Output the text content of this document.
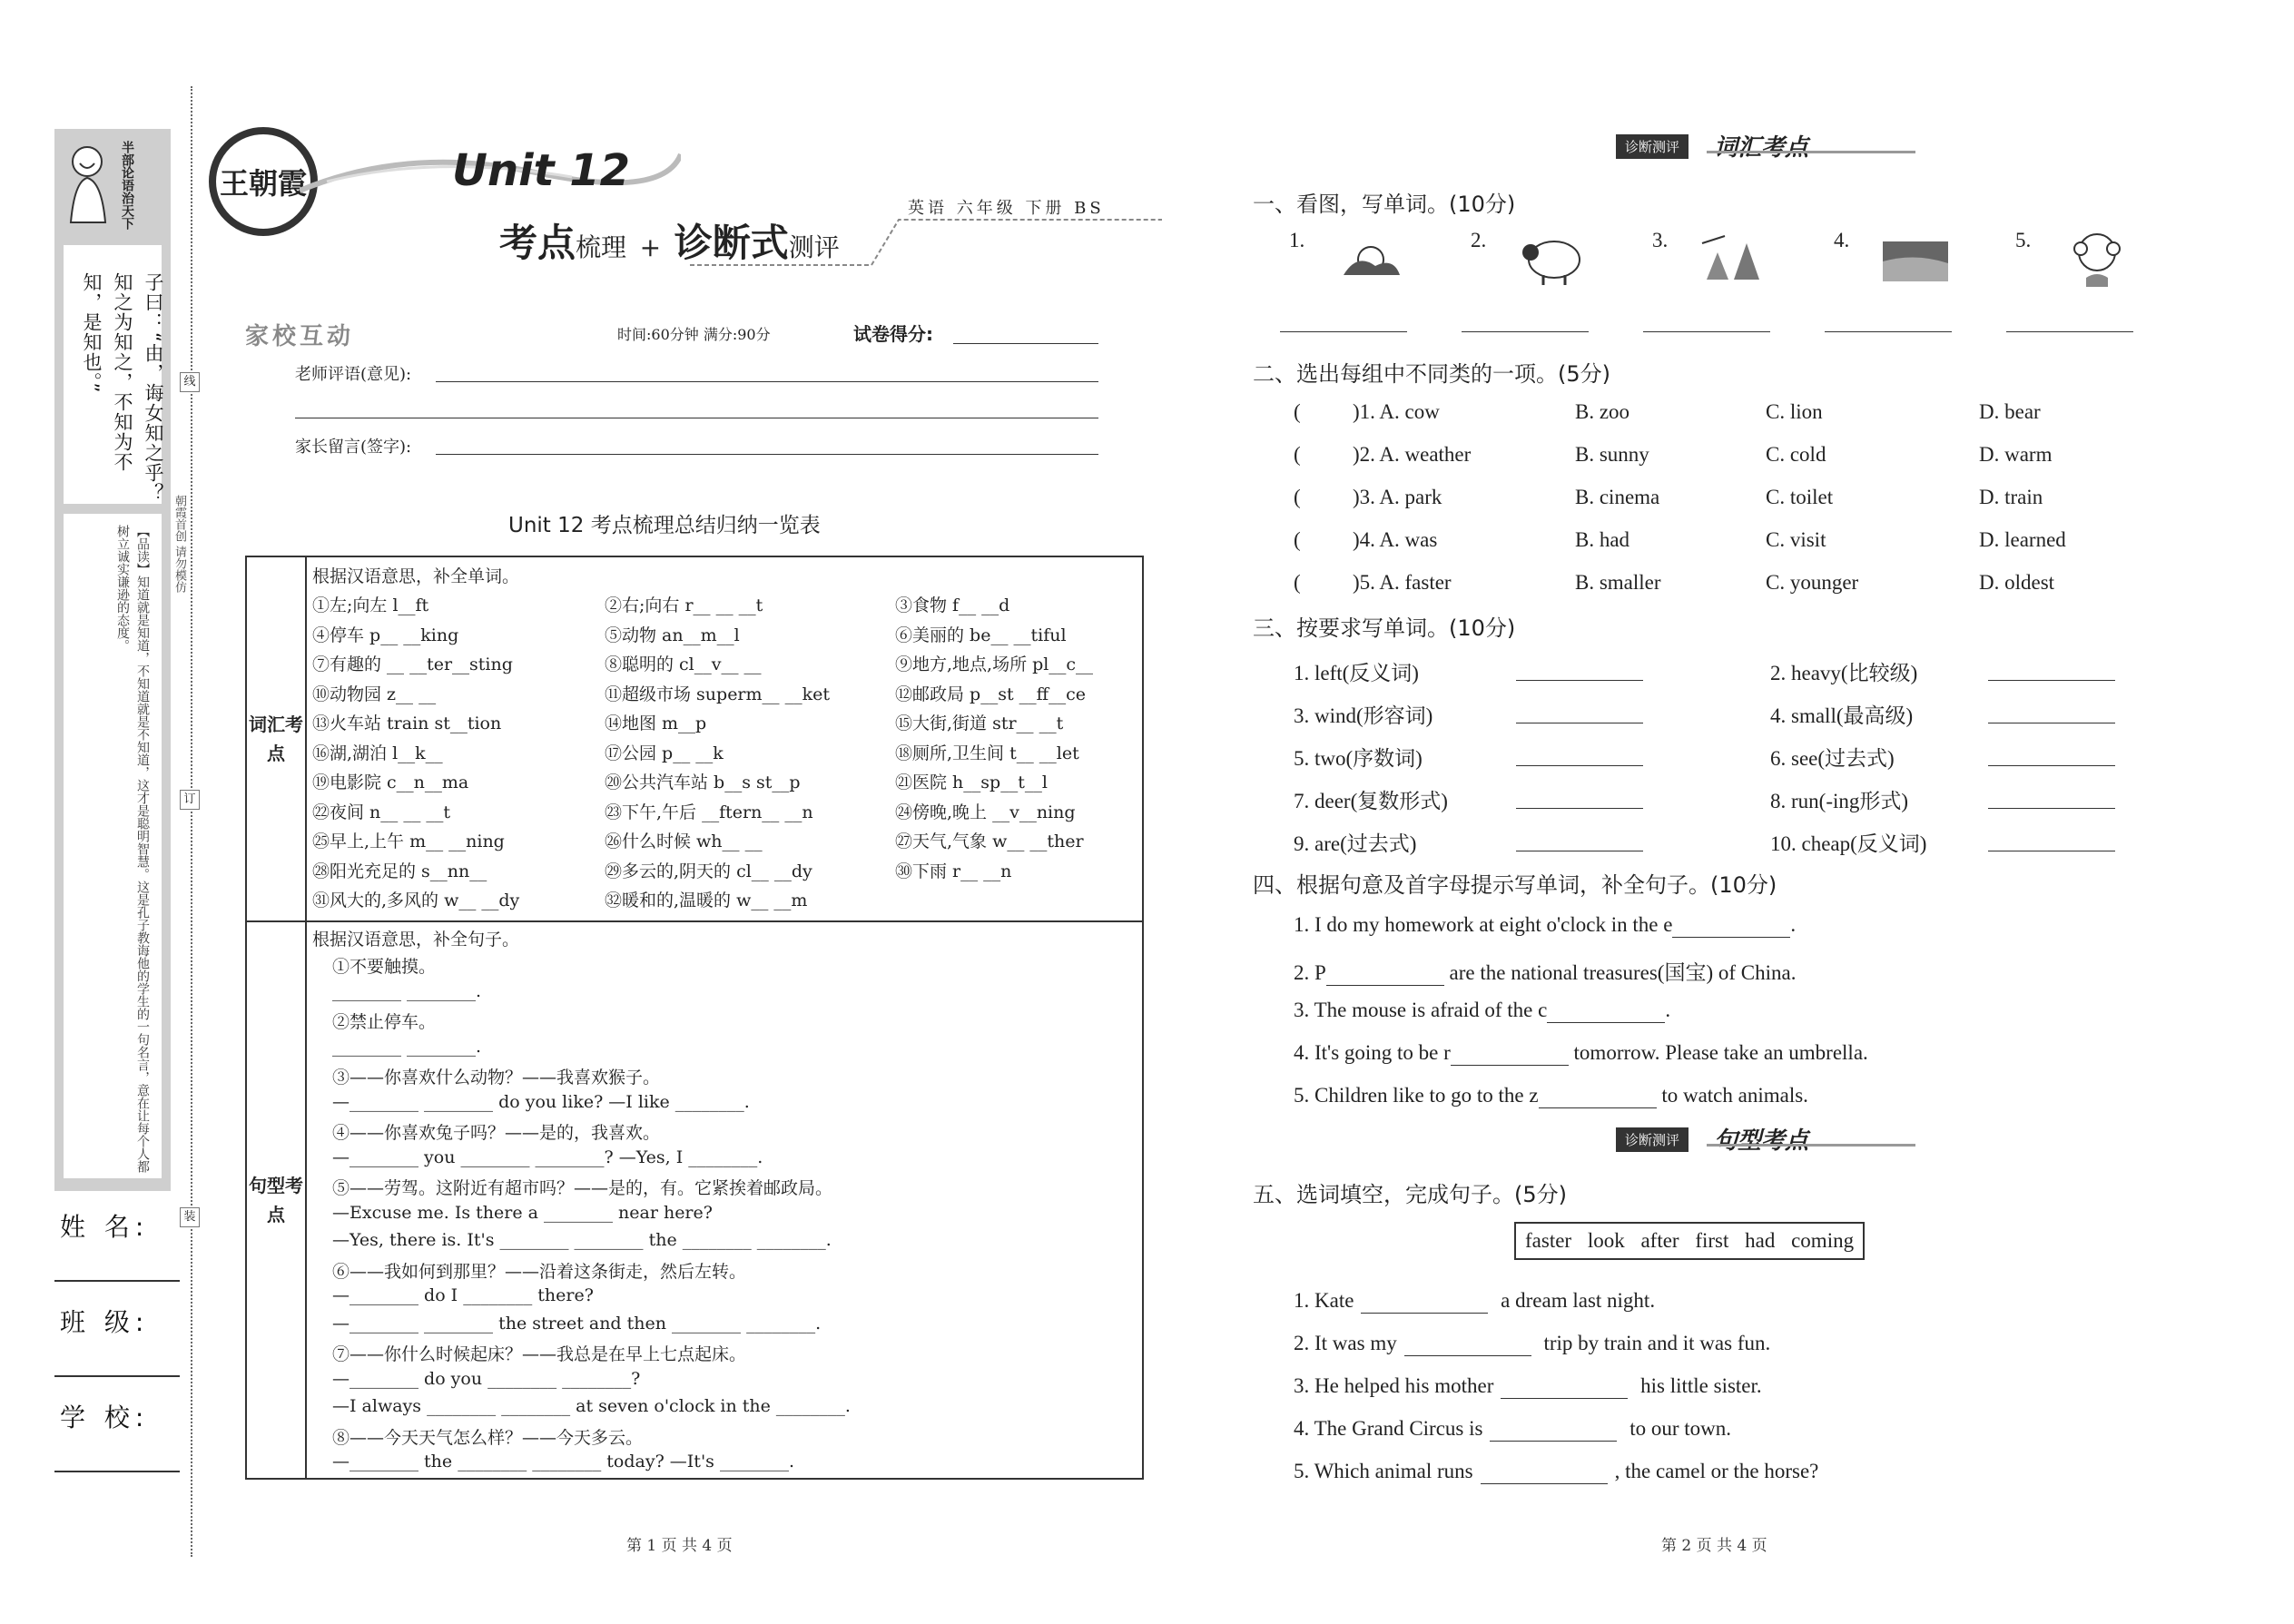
半部论语治天下
子曰：“由，诲女知之乎？知之为知之，不知为不知，是知也。”
【品读】知道就是知道，不知道就是不知道，这才是聪明智慧。这是孔子教诲他的学生的一句名言，意在让每个人都树立诚实谦逊的态度。
姓 名:
班 级:
学 校:
线
订
装
朝霞首创 请勿模仿
王朝霞	Unit 12
考点梳理 + 诊断式测评
英语 六年级 下册 BS
家校互动	时间:60分钟 满分:90分	试卷得分:
老师评语(意见):
家长留言(签字):
Unit 12 考点梳理总结归纳一览表
词汇考点
根据汉语意思，补全单词。
句型考点
根据汉语意思，补全句子。
诊断测评	词汇考点
一、看图，写单词。(10分)
二、选出每组中不同类的一项。(5分)
三、按要求写单词。(10分)
四、根据句意及首字母提示写单词，补全句子。(10分)
诊断测评	句型考点
五、选词填空，完成句子。(5分)
faster look after first had coming
第 1 页 共 4 页	第 2 页 共 4 页
①左;向左 l__ft	②右;向右 r__ __ __t	③食物 f__ __d
④停车 p__ __king	⑤动物 an__m__l	⑥美丽的 be__ __tiful
⑦有趣的 __ __ter__sting	⑧聪明的 cl__v__ __	⑨地方,地点,场所 pl__c__
⑩动物园 z__ __	⑪超级市场 superm__ __ket	⑫邮政局 p__st __ff__ce
⑬火车站 train st__tion	⑭地图 m__p	⑮大街,街道 str__ __t
⑯湖,湖泊 l__k__	⑰公园 p__ __k	⑱厕所,卫生间 t__ __let
⑲电影院 c__n__ma	⑳公共汽车站 b__s st__p	㉑医院 h__sp__t__l
㉒夜间 n__ __ __t	㉓下午,午后 __ftern__ __n	㉔傍晚,晚上 __v__ning
㉕早上,上午 m__ __ning	㉖什么时候 wh__ __	㉗天气,气象 w__ __ther
㉘阳光充足的 s__nn__	㉙多云的,阴天的 cl__ __dy	㉚下雨 r__ __n
㉛风大的,多风的 w__ __dy	㉜暖和的,温暖的 w__ __m
①不要触摸。
________ ________.
②禁止停车。
________ ________.
③——你喜欢什么动物？——我喜欢猴子。
—________ ________ do you like? —I like ________.
④——你喜欢兔子吗？——是的，我喜欢。
—________ you ________ ________? —Yes, I ________.
⑤——劳驾。这附近有超市吗？——是的，有。它紧挨着邮政局。
—Excuse me. Is there a ________ near here?
—Yes, there is. It's ________ ________ the ________ ________.
⑥——我如何到那里？——沿着这条街走，然后左转。
—________ do I ________ there?
—________ ________ the street and then ________ ________.
⑦——你什么时候起床？——我总是在早上七点起床。
—________ do you ________ ________?
—I always ________ ________ at seven o'clock in the ________.
⑧——今天天气怎么样？——今天多云。
—________ the ________ ________ today? —It's ________.
1.	2.	3.	4.	5.
( )1. A. cow	B. zoo	C. lion	D. bear
( )2. A. weather	B. sunny	C. cold	D. warm
( )3. A. park	B. cinema	C. toilet	D. train
( )4. A. was	B. had	C. visit	D. learned
( )5. A. faster	B. smaller	C. younger	D. oldest
1. left(反义词)	2. heavy(比较级)
3. wind(形容词)	4. small(最高级)
5. two(序数词)	6. see(过去式)
7. deer(复数形式)	8. run(-ing形式)
9. are(过去式)	10. cheap(反义词)
1. I do my homework at eight o'clock in the e	.
2. P	are the national treasures(国宝) of China.
3. The mouse is afraid of the c	.
4. It's going to be r	tomorrow. Please take an umbrella.
5. Children like to go to the z	to watch animals.
1. Kate	a dream last night.
2. It was my	trip by train and it was fun.
3. He helped his mother	his little sister.
4. The Grand Circus is	to our town.
5. Which animal runs	, the camel or the horse?
